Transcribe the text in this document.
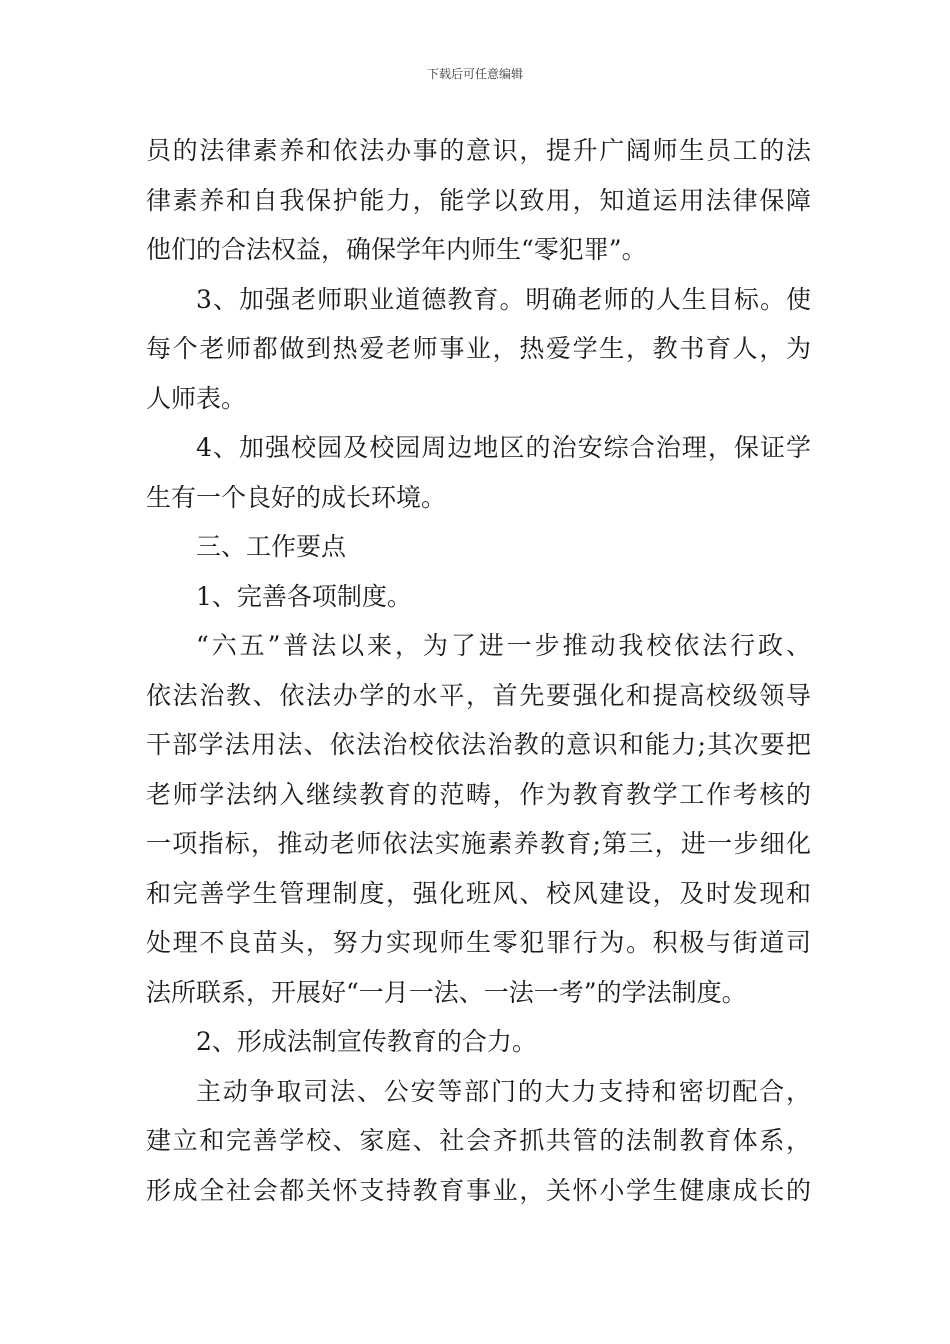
下载后可任意编辑
员的法律素养和依法办事的意识，提升广阔师生员工的法
律素养和自我保护能力，能学以致用，知道运用法律保障
他们的合法权益，确保学年内师生“零犯罪”。
3、加强老师职业道德教育。明确老师的人生目标。使
每个老师都做到热爱老师事业，热爱学生，教书育人，为
人师表。
4、加强校园及校园周边地区的治安综合治理，保证学
生有一个良好的成长环境。
三、工作要点
1、完善各项制度。
“六五”普法以来，为了进一步推动我校依法行政、
依法治教、依法办学的水平，首先要强化和提高校级领导
干部学法用法、依法治校依法治教的意识和能力;其次要把
老师学法纳入继续教育的范畴，作为教育教学工作考核的
一项指标，推动老师依法实施素养教育;第三，进一步细化
和完善学生管理制度，强化班风、校风建设，及时发现和
处理不良苗头，努力实现师生零犯罪行为。积极与街道司
法所联系，开展好“一月一法、一法一考”的学法制度。
2、形成法制宣传教育的合力。
主动争取司法、公安等部门的大力支持和密切配合，
建立和完善学校、家庭、社会齐抓共管的法制教育体系，
形成全社会都关怀支持教育事业，关怀小学生健康成长的
